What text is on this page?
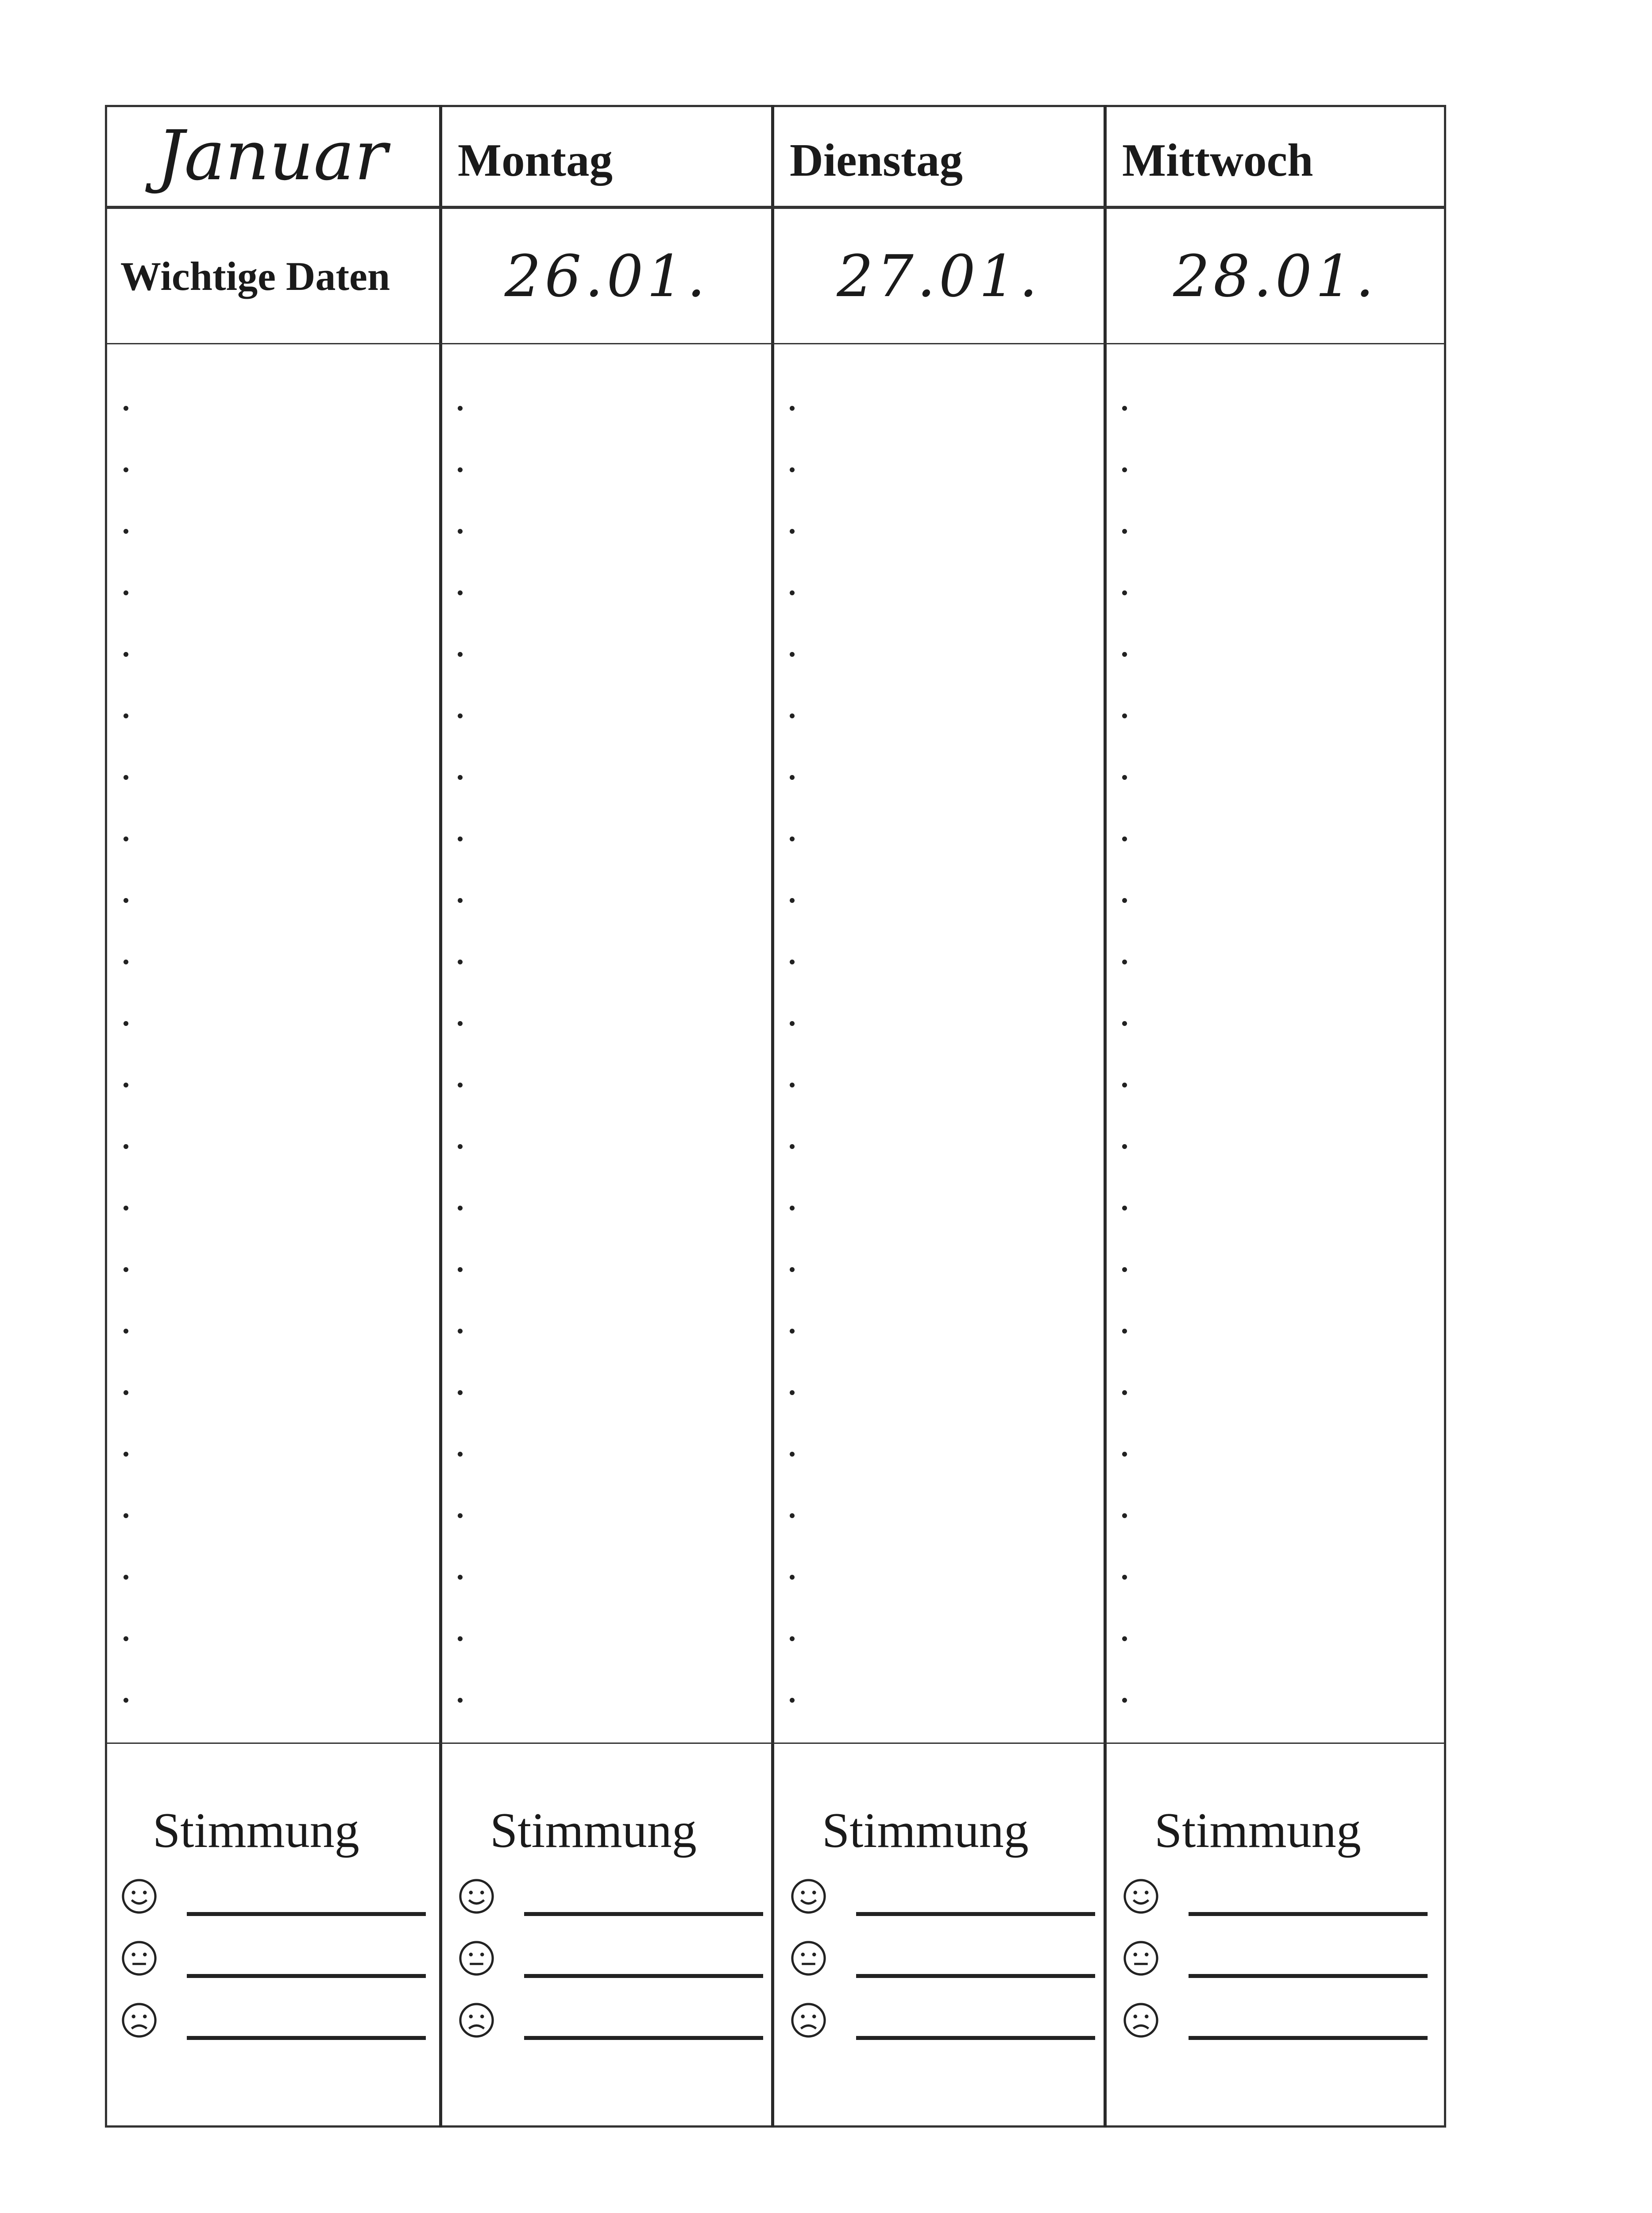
Januar	Montag	Dienstag	Mittwoch
Wichtige Daten	26.01.	27.01.	28.01.
Stimmung	Stimmung	Stimmung	Stimmung
